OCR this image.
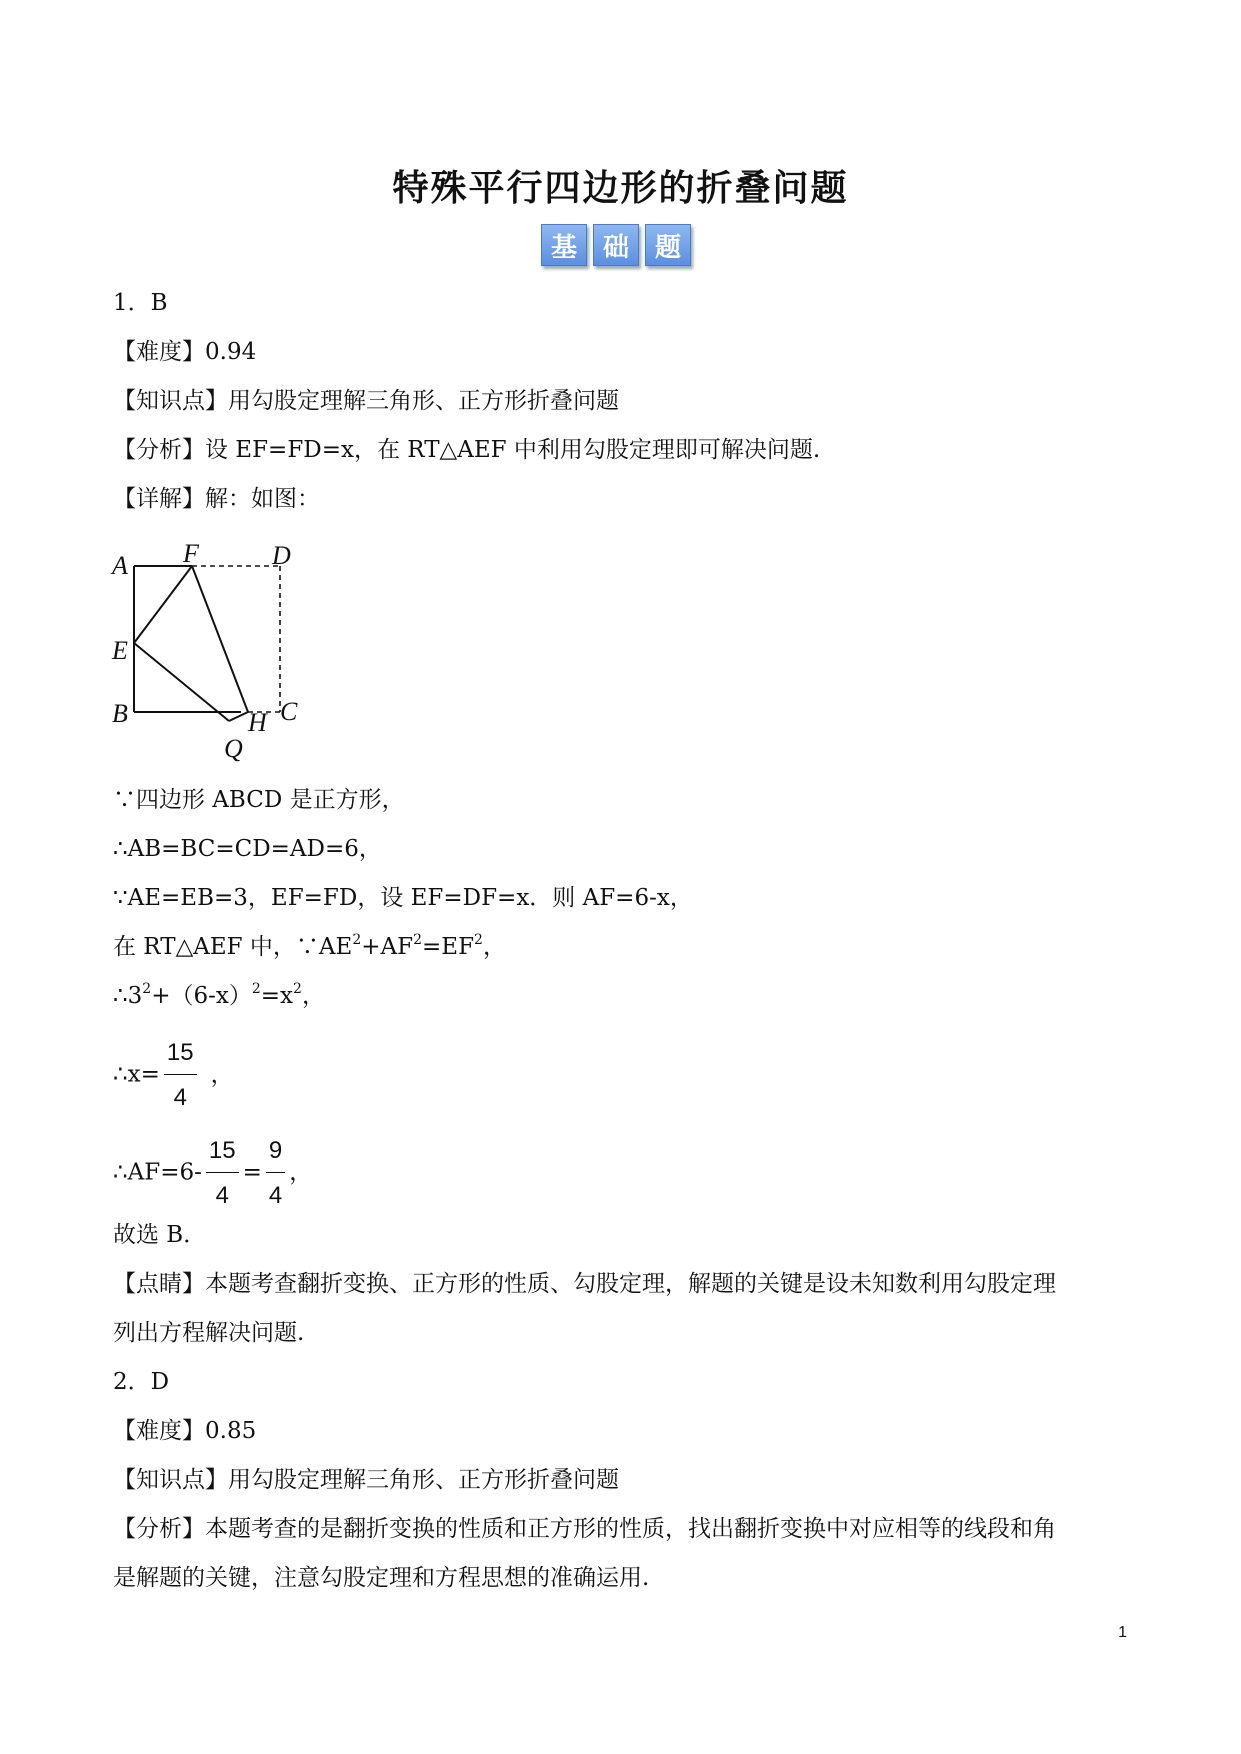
特殊平行四边形的折叠问题
基 础 题
1．B
【难度】0.94
【知识点】用勾股定理解三角形、正方形折叠问题
【分析】设 EF=FD=x，在 RT△AEF 中利用勾股定理即可解决问题.
【详解】解：如图：
A F	D
E
B	C
H
Q
∵四边形 ABCD 是正方形，
∴AB=BC=CD=AD=6，
∵AE=EB=3，EF=FD，设 EF=DF=x．则 AF=6-x，
在 RT△AEF 中，$\because AE^2+AF^2=EF^2$，
$\therefore 3^2+(6-x)^2=x^2$，
∴x= $\frac{15}{4}$ ，
∴AF=6- $\frac{15}{4} = \frac{9}{4}$ ，
故选 B．
【点睛】本题考查翻折变换、正方形的性质、勾股定理，解题的关键是设未知数利用勾股定理
列出方程解决问题.
2．D
【难度】0.85
【知识点】用勾股定理解三角形、正方形折叠问题
【分析】本题考查的是翻折变换的性质和正方形的性质，找出翻折变换中对应相等的线段和角
是解题的关键，注意勾股定理和方程思想的准确运用.
1
